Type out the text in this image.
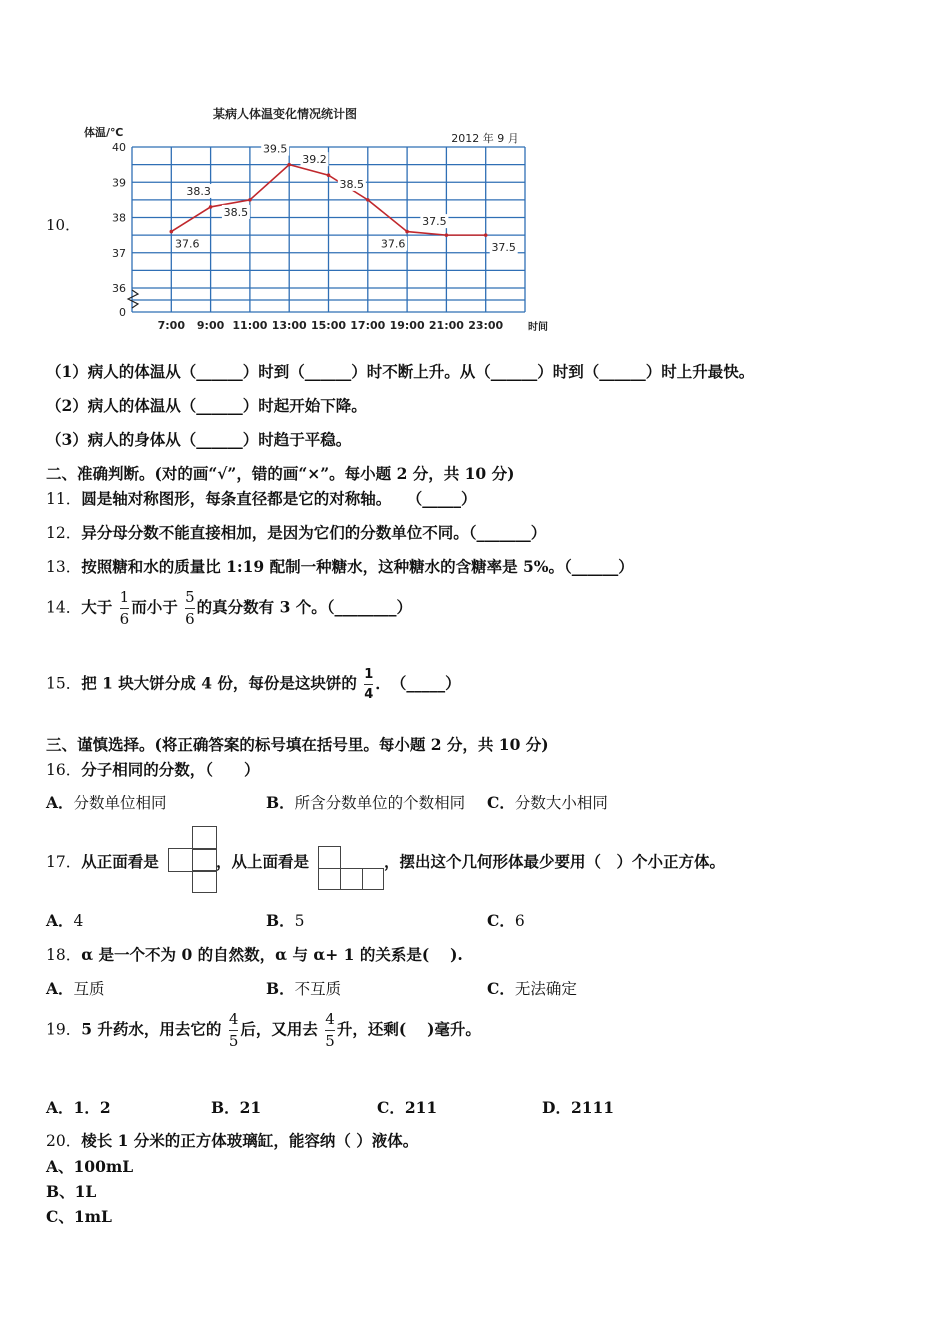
10．
某病人体温变化情况统计图
2012 年 9 月
体温/℃
时间
40
39
38
37
36
0
7:00 9:00 11:00 13:00 15:00 17:00 19:00 21:00 23:00
37.6
38.3
38.5
39.5
39.2
38.5
37.6
37.5
37.5
（1）病人的体温从（______）时到（______）时不断上升。从（______）时到（______）时上升最快。
（2）病人的体温从（______）时起开始下降。
（3）病人的身体从（______）时趋于平稳。
二、准确判断。(对的画“√”，错的画“×”。每小题 2 分，共 10 分)
11．圆是轴对称图形，每条直径都是它的对称轴。　　 （_____）
12．异分母分数不能直接相加，是因为它们的分数单位不同。（_______）
13．按照糖和水的质量比 1:19 配制一种糖水，这种糖水的含糖率是 5%。（______）
14．大于 $\frac{1}{6}$ 而小于 $\frac{5}{6}$ 的真分数有 3 个。（________）
15．把 1 块大饼分成 4 份，每份是这块饼的 $\frac{1}{4}$ ．　 （_____）
三、谨慎选择。(将正确答案的标号填在括号里。每小题 2 分，共 10 分)
16．分子相同的分数，（　　）
A．分数单位相同	B．所含分数单位的个数相同 C．分数大小相同
17．从正面看是	，从上面看是	，摆出这个几何形体最少要用（　）个小正方体。
A．4	B．5	C．6
18．α 是一个不为 0 的自然数，α 与 α+ 1 的关系是(　 ).
A．互质	B．不互质	C．无法确定
19．5 升药水，用去它的 $\frac{4}{5}$ 后，又用去 $\frac{4}{5}$ 升，还剩(　 )毫升。
A．1．2	B．21	C．211	D．2111
20．棱长 1 分米的正方体玻璃缸，能容纳（ ）液体。
A、100mL
B、1L
C、1mL
